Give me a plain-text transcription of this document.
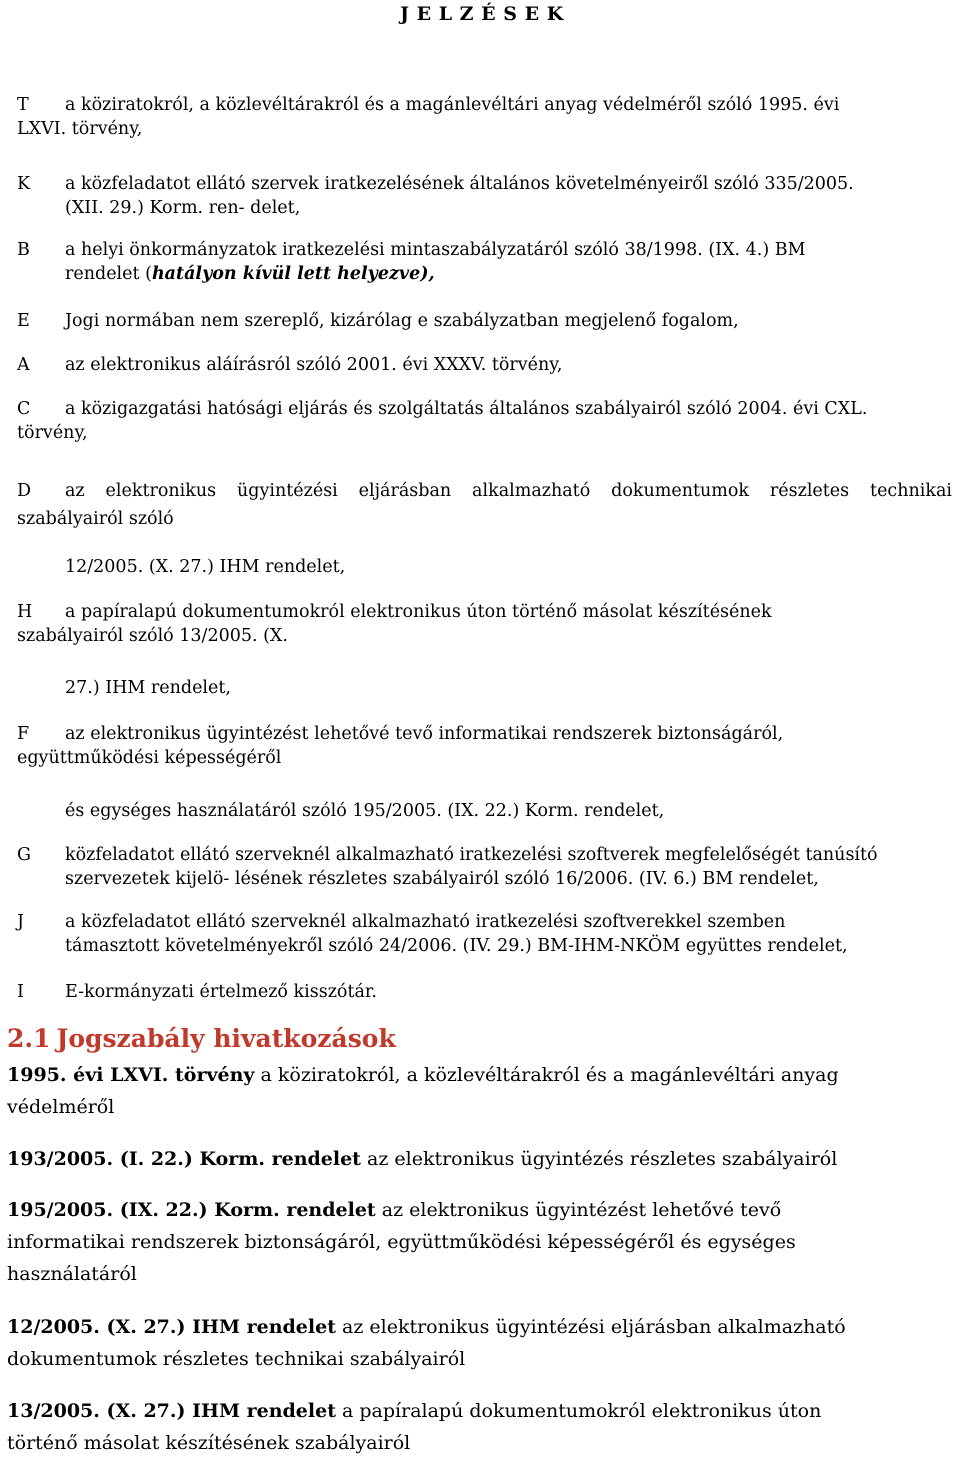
J E L Z É S E K
T a köziratokról, a közlevéltárakról és a magánlevéltári anyag védelméről szóló 1995. évi
LXVI. törvény,
K a közfeladatot ellátó szervek iratkezelésének általános követelményeiről szóló 335/2005.
(XII. 29.) Korm. ren- delet,
B a helyi önkormányzatok iratkezelési mintaszabályzatáról szóló 38/1998. (IX. 4.) BM
rendelet (hatályon kívül lett helyezve),
E Jogi normában nem szereplő, kizárólag e szabályzatban megjelenő fogalom,
A az elektronikus aláírásról szóló 2001. évi XXXV. törvény,
C a közigazgatási hatósági eljárás és szolgáltatás általános szabályairól szóló 2004. évi CXL.
törvény,
D az elektronikus ügyintézési eljárásban alkalmazható dokumentumok részletes technikai
szabályairól szóló
12/2005. (X. 27.) IHM rendelet,
H a papíralapú dokumentumokról elektronikus úton történő másolat készítésének
szabályairól szóló 13/2005. (X.
27.) IHM rendelet,
F az elektronikus ügyintézést lehetővé tevő informatikai rendszerek biztonságáról,
együttműködési képességéről
és egységes használatáról szóló 195/2005. (IX. 22.) Korm. rendelet,
G közfeladatot ellátó szerveknél alkalmazható iratkezelési szoftverek megfelelőségét tanúsító
szervezetek kijelö- lésének részletes szabályairól szóló 16/2006. (IV. 6.) BM rendelet,
J a közfeladatot ellátó szerveknél alkalmazható iratkezelési szoftverekkel szemben
támasztott követelményekről szóló 24/2006. (IV. 29.) BM-IHM-NKÖM együttes rendelet,
I E-kormányzati értelmező kisszótár.
2.1 Jogszabály hivatkozások
1995. évi LXVI. törvény a köziratokról, a közlevéltárakról és a magánlevéltári anyag
védelméről
193/2005. (I. 22.) Korm. rendelet az elektronikus ügyintézés részletes szabályairól
195/2005. (IX. 22.) Korm. rendelet az elektronikus ügyintézést lehetővé tevő
informatikai rendszerek biztonságáról, együttműködési képességéről és egységes
használatáról
12/2005. (X. 27.) IHM rendelet az elektronikus ügyintézési eljárásban alkalmazható
dokumentumok részletes technikai szabályairól
13/2005. (X. 27.) IHM rendelet a papíralapú dokumentumokról elektronikus úton
történő másolat készítésének szabályairól
